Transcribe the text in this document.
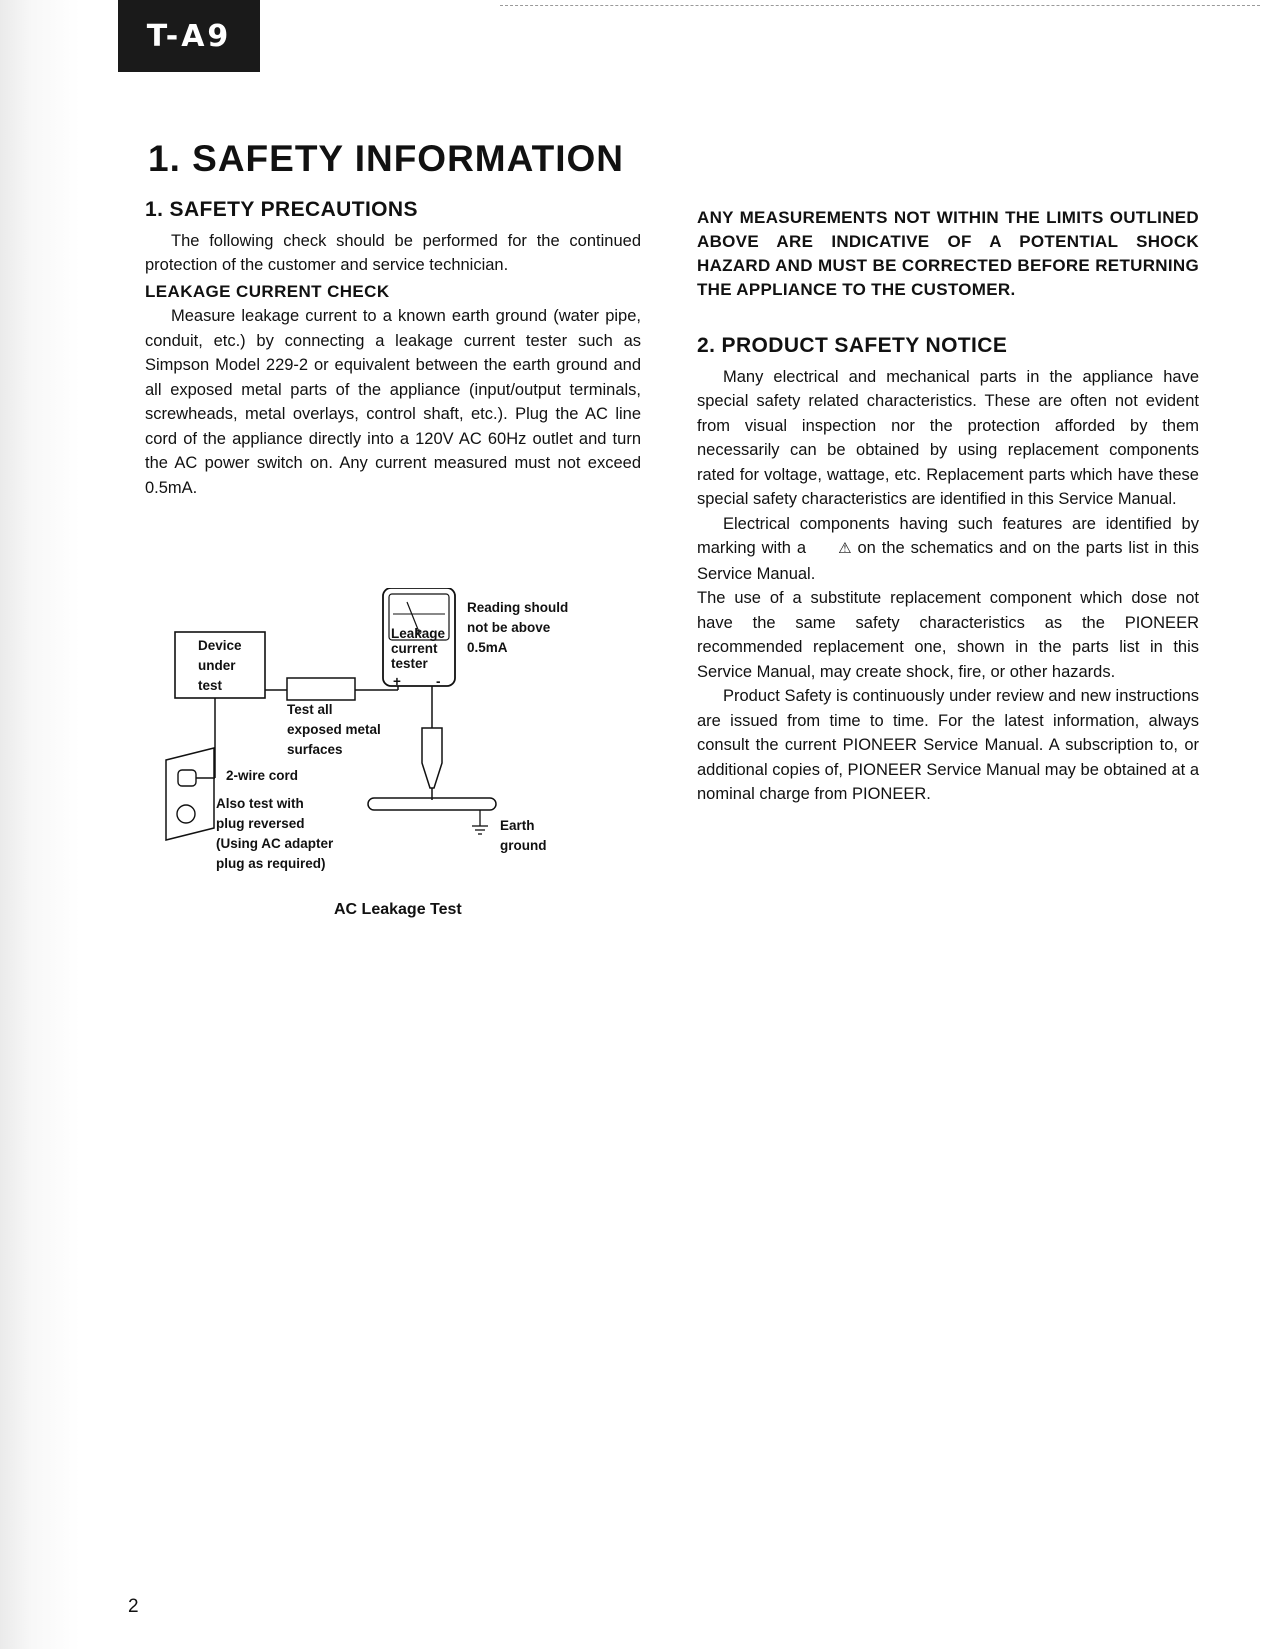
T-A9
1. SAFETY INFORMATION
1. SAFETY PRECAUTIONS

The following check should be performed for the continued protection of the customer and service technician.

LEAKAGE CURRENT CHECK

Measure leakage current to a known earth ground (water pipe, conduit, etc.) by connecting a leakage current tester such as Simpson Model 229-2 or equivalent between the earth ground and all exposed metal parts of the appliance (input/output terminals, screwheads, metal overlays, control shaft, etc.). Plug the AC line cord of the appliance directly into a 120V AC 60Hz outlet and turn the AC power switch on. Any current measured must not exceed 0.5mA.

Device
under
test
Leakage
current
tester
+	-
Reading should
not be above
0.5mA
Earth
ground
Test all
exposed metal
surfaces
2-wire cord
Also test with
plug reversed
(Using AC adapter
plug as required)
AC Leakage Test

ANY MEASUREMENTS NOT WITHIN THE LIMITS OUTLINED ABOVE ARE INDICATIVE OF A POTENTIAL SHOCK HAZARD AND MUST BE CORRECTED BEFORE RETURNING THE APPLIANCE TO THE CUSTOMER.

2. PRODUCT SAFETY NOTICE

Many electrical and mechanical parts in the appliance have special safety related characteristics. These are often not evident from visual inspection nor the protection afforded by them necessarily can be obtained by using replacement components rated for voltage, wattage, etc. Replacement parts which have these special safety characteristics are identified in this Service Manual.

Electrical components having such features are identified by marking with a ⚠ on the schematics and on the parts list in this Service Manual.

The use of a substitute replacement component which dose not have the same safety characteristics as the PIONEER recommended replacement one, shown in the parts list in this Service Manual, may create shock, fire, or other hazards.

Product Safety is continuously under review and new instructions are issued from time to time. For the latest information, always consult the current PIONEER Service Manual. A subscription to, or additional copies of, PIONEER Service Manual may be obtained at a nominal charge from PIONEER.

2
